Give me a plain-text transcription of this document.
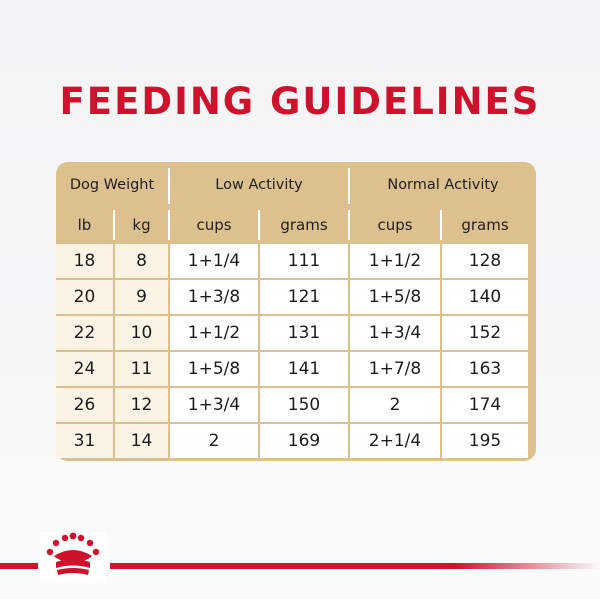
FEEDING GUIDELINES
Dog Weight	Low Activity	Normal Activity
lb	kg	cups	grams	cups	grams
18	8	1+1/4	111	1+1/2	128
20	9	1+3/8	121	1+5/8	140
22	10	1+1/2	131	1+3/4	152
24	11	1+5/8	141	1+7/8	163
26	12	1+3/4	150	2	174
31	14	2	169	2+1/4	195
